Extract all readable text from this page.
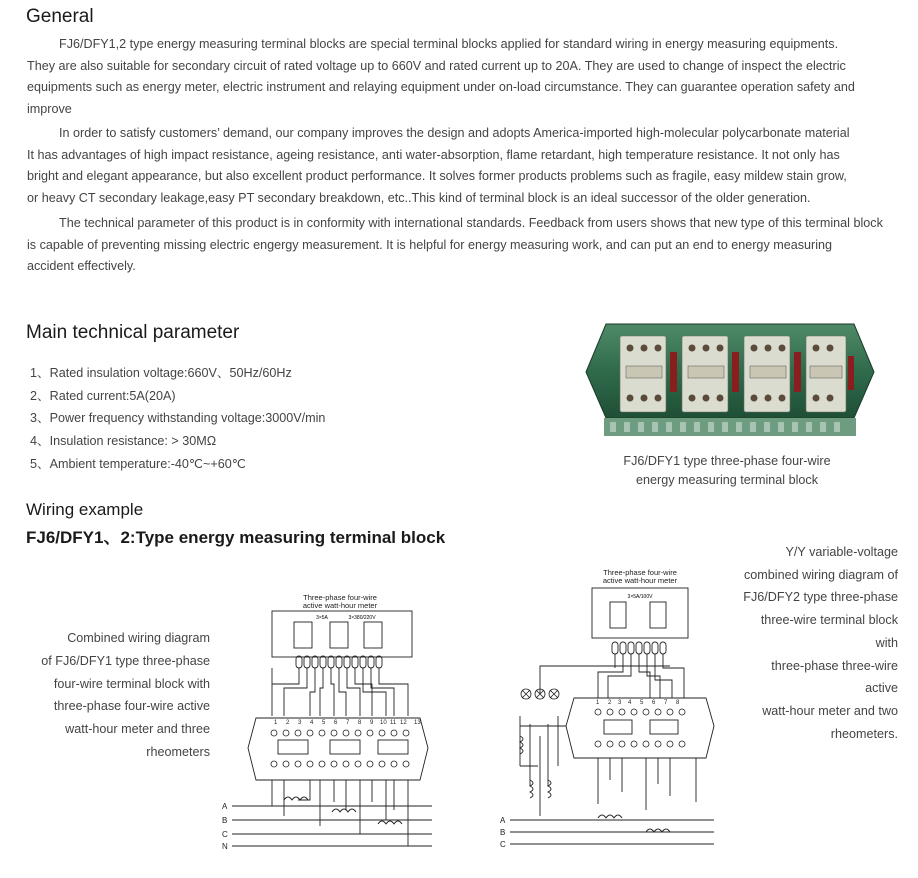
General

FJ6/DFY1,2 type energy measuring terminal blocks are special terminal blocks applied for standard wiring in energy measuring equipments.
They are also suitable for secondary circuit of rated voltage up to 660V and rated current up to 20A. They are used to change of inspect the electric
equipments such as energy meter, electric instrument and relaying equipment under on-load circumstance. They can guarantee operation safety and
improve

In order to satisfy customers’ demand, our company improves the design and adopts America-imported high-molecular polycarbonate material
It has advantages of high impact resistance, ageing resistance, anti water-absorption, flame retardant, high temperature resistance. It not only has
bright and elegant appearance, but also excellent product performance. It solves former products problems such as fragile, easy mildew stain grow,
or heavy CT secondary leakage,easy PT secondary breakdown, etc..This kind of terminal block is an ideal successor of the older generation.

The technical parameter of this product is in conformity with international standards. Feedback from users shows that new type of this terminal block
is capable of preventing missing electric engergy measurement. It is helpful for energy measuring work, and can put an end to energy measuring
accident effectively.

Main technical parameter
1、Rated insulation voltage:660V、50Hz/60Hz
2、Rated current:5A(20A)
3、Power frequency withstanding voltage:3000V/min
4、Insulation resistance: > 30MΩ
5、Ambient temperature:-40℃~+60℃	FJ6/DFY1 type three-phase four-wire
energy measuring terminal block
Wiring example
FJ6/DFY1、2:Type energy measuring terminal block
Combined wiring diagram
of FJ6/DFY1 type three-phase
four-wire terminal block with
three-phase four-wire active
watt-hour meter and three
rheometers
Y/Y variable-voltage
combined wiring diagram of
FJ6/DFY2 type three-phase
three-wire terminal block with
three-phase three-wire active
watt-hour meter and two
rheometers.
Three-phase four-wire
active watt-hour meter
3×5A	3×380/220V
1 2 3 4 5 6 7 8 9 10 11 12 13
A
B
C
N
Three-phase four-wire
active watt-hour meter
3×5A/100V
1 2 3 4 5 6 7 8
A
B
C
